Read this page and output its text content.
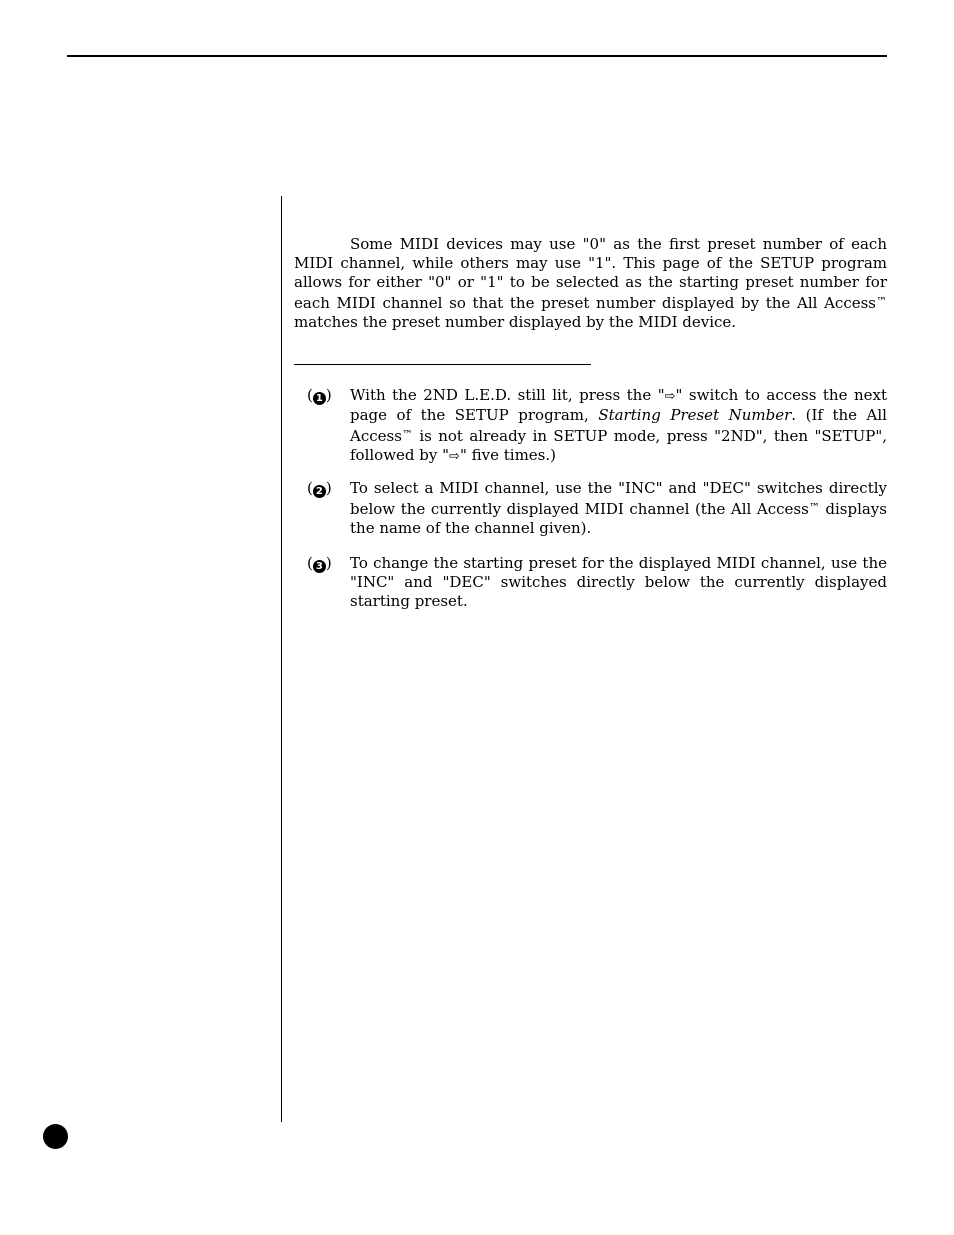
Some MIDI devices may use "0" as the first preset number of each MIDI channel, while others may use "1". This page of the SETUP program allows for either "0" or "1" to be selected as the starting preset number for each MIDI channel so that the preset number displayed by the All Access™ matches the preset number displayed by the MIDI device.

( 1 ) With the 2ND L.E.D. still lit, press the "⇨" switch to access the next page of the SETUP program, Starting Preset Number. (If the All Access™ is not already in SETUP mode, press "2ND", then "SETUP", followed by "⇨" five times.)

( 2 ) To select a MIDI channel, use the "INC" and "DEC" switches directly below the currently displayed MIDI channel (the All Access™ displays the name of the channel given).

( 3 ) To change the starting preset for the displayed MIDI channel, use the "INC" and "DEC" switches directly below the currently displayed starting preset.
